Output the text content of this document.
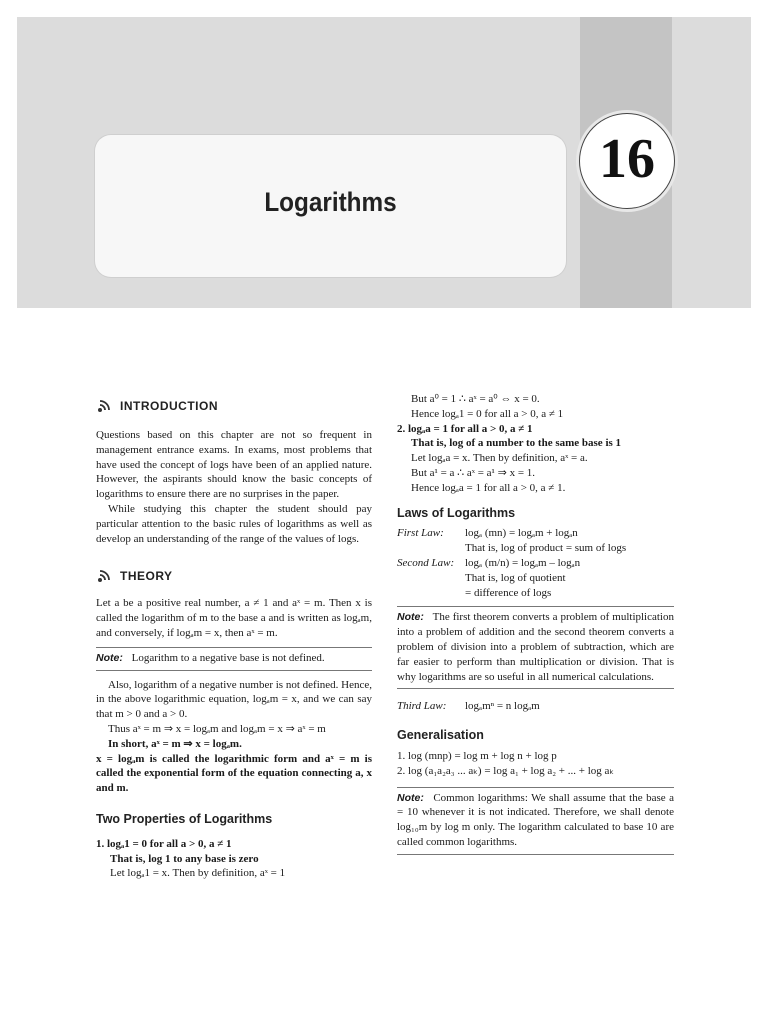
Logarithms
16
INTRODUCTION

Questions based on this chapter are not so frequent in management entrance exams. In exams, most problems that have used the concept of logs have been of an applied nature. However, the aspirants should know the basic concepts of logarithms to ensure there are no surprises in the paper.

While studying this chapter the student should pay particular attention to the basic rules of logarithms as well as develop an understanding of the range of the values of logs.

THEORY

Let a be a positive real number, a ≠ 1 and aˣ = m. Then x is called the logarithm of m to the base a and is written as logₐm, and conversely, if logₐm = x, then aˣ = m.

Note: Logarithm to a negative base is not defined.

Also, logarithm of a negative number is not defined. Hence, in the above logarithmic equation, logₐm = x, and we can say that m > 0 and a > 0.

Thus aˣ = m ⇒ x = logₐm and logₐm = x ⇒ aˣ = m

In short, aˣ = m ⇒ x = logₐm.

x = logₐm is called the logarithmic form and aˣ = m is called the exponential form of the equation connecting a, x and m.

Two Properties of Logarithms

1. logₐ1 = 0 for all a > 0, a ≠ 1

That is, log 1 to any base is zero

Let logₐ1 = x. Then by definition, aˣ = 1

But a⁰ = 1 ∴ aˣ = a⁰ ⇔ x = 0.

Hence logₐ1 = 0 for all a > 0, a ≠ 1

2. logₐa = 1 for all a > 0, a ≠ 1

That is, log of a number to the same base is 1

Let logₐa = x. Then by definition, aˣ = a.

But a¹ = a ∴ aˣ = a¹ ⇒ x = 1.

Hence logₐa = 1 for all a > 0, a ≠ 1.

Laws of Logarithms

First Law:	logₐ (mn) = logₐm + logₐn

That is, log of product = sum of logs

Second Law: logₐ (m/n) = logₐm – logₐn

That is, log of quotient

= difference of logs

Note: The first theorem converts a problem of multiplication into a problem of addition and the second theorem converts a problem of division into a problem of subtraction, which are far easier to perform than multiplication or division. That is why logarithms are so useful in all numerical calculations.

Third Law:	logₐmⁿ = n logₐm

Generalisation

1. log (mnp) = log m + log n + log p

2. log (a₁a₂a₃ ... aₖ) = log a₁ + log a₂ + ... + log aₖ

Note: Common logarithms: We shall assume that the base a = 10 whenever it is not indicated. Therefore, we shall denote log₁₀m by log m only. The logarithm calculated to base 10 are called common logarithms.
